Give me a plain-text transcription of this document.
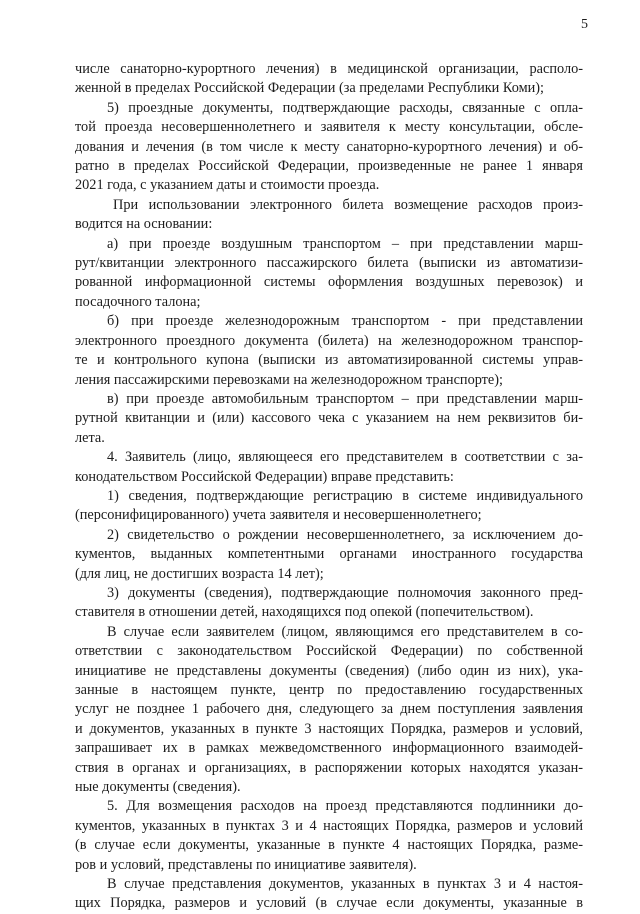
5
числе санаторно-курортного лечения) в медицинской организации, располо-
женной в пределах Российской Федерации (за пределами Республики Коми);
5) проездные документы, подтверждающие расходы, связанные с опла-
той проезда несовершеннолетнего и заявителя к месту консультации, обсле-
дования и лечения (в том числе к месту санаторно-курортного лечения) и об-
ратно в пределах Российской Федерации, произведенные не ранее 1 января
2021 года, с указанием даты и стоимости проезда.
При использовании электронного билета возмещение расходов произ-
водится на основании:
а) при проезде воздушным транспортом – при представлении марш-
рут/квитанции электронного пассажирского билета (выписки из автоматизи-
рованной информационной системы оформления воздушных перевозок) и
посадочного талона;
б) при проезде железнодорожным транспортом - при представлении
электронного проездного документа (билета) на железнодорожном транспор-
те и контрольного купона (выписки из автоматизированной системы управ-
ления пассажирскими перевозками на железнодорожном транспорте);
в) при проезде автомобильным транспортом – при представлении марш-
рутной квитанции и (или) кассового чека с указанием на нем реквизитов би-
лета.
4. Заявитель (лицо, являющееся его представителем в соответствии с за-
конодательством Российской Федерации) вправе представить:
1) сведения, подтверждающие регистрацию в системе индивидуального
(персонифицированного) учета заявителя и несовершеннолетнего;
2) свидетельство о рождении несовершеннолетнего, за исключением до-
кументов, выданных компетентными органами иностранного государства
(для лиц, не достигших возраста 14 лет);
3) документы (сведения), подтверждающие полномочия законного пред-
ставителя в отношении детей, находящихся под опекой (попечительством).
В случае если заявителем (лицом, являющимся его представителем в со-
ответствии с законодательством Российской Федерации) по собственной
инициативе не представлены документы (сведения) (либо один из них), ука-
занные в настоящем пункте, центр по предоставлению государственных
услуг не позднее 1 рабочего дня, следующего за днем поступления заявления
и документов, указанных в пункте 3 настоящих Порядка, размеров и условий,
запрашивает их в рамках межведомственного информационного взаимодей-
ствия в органах и организациях, в распоряжении которых находятся указан-
ные документы (сведения).
5. Для возмещения расходов на проезд представляются подлинники до-
кументов, указанных в пунктах 3 и 4 настоящих Порядка, размеров и условий
(в случае если документы, указанные в пункте 4 настоящих Порядка, разме-
ров и условий, представлены по инициативе заявителя).
В случае представления документов, указанных в пунктах 3 и 4 настоя-
щих Порядка, размеров и условий (в случае если документы, указанные в
